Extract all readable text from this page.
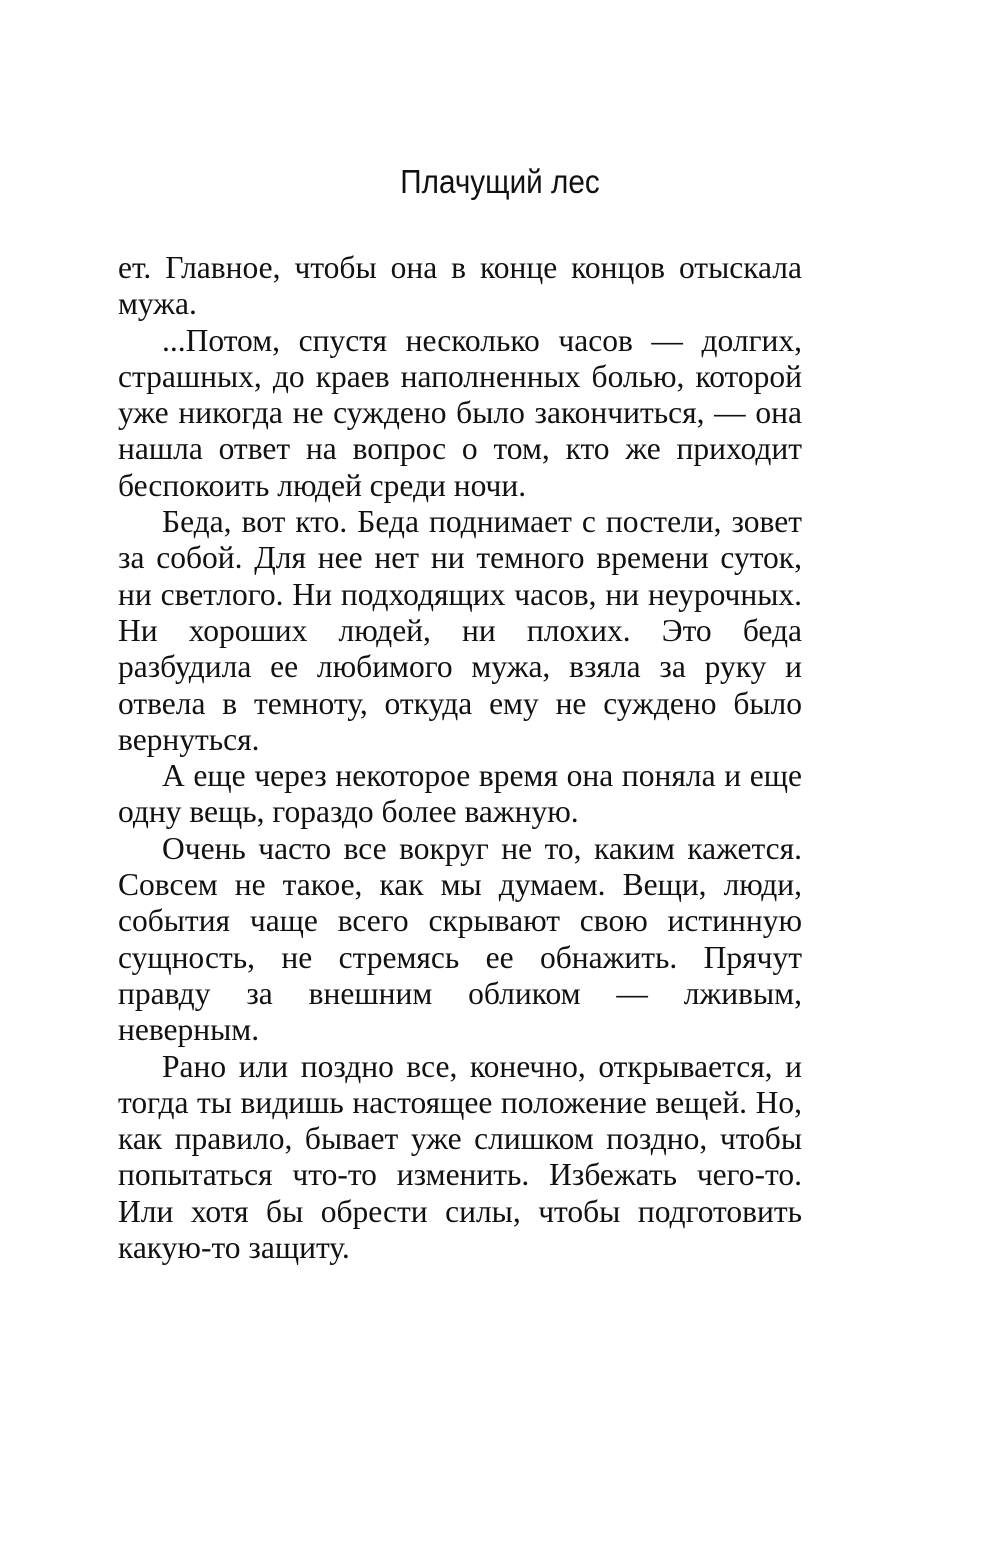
Плачущий лес

ет. Главное, чтобы она в конце концов отыскала мужа.

...Потом, спустя несколько часов — долгих, страшных, до краев наполненных болью, которой уже никогда не суждено было закончиться, — она нашла ответ на вопрос о том, кто же приходит беспокоить людей среди ночи.

Беда, вот кто. Беда поднимает с постели, зовет за собой. Для нее нет ни темного времени суток, ни светлого. Ни подходящих часов, ни неурочных. Ни хороших людей, ни плохих. Это беда разбудила ее любимого мужа, взяла за руку и отвела в темноту, откуда ему не суждено было вернуться.

А еще через некоторое время она поняла и еще одну вещь, гораздо более важную.

Очень часто все вокруг не то, каким кажется. Совсем не такое, как мы думаем. Вещи, люди, события чаще всего скрывают свою истинную сущность, не стремясь ее обнажить. Прячут правду за внешним обликом — лживым, неверным.

Рано или поздно все, конечно, открывается, и тогда ты видишь настоящее положение вещей. Но, как правило, бывает уже слишком поздно, чтобы попытаться что-то изменить. Избежать чего-то. Или хотя бы обрести силы, чтобы подготовить какую-то защиту.
